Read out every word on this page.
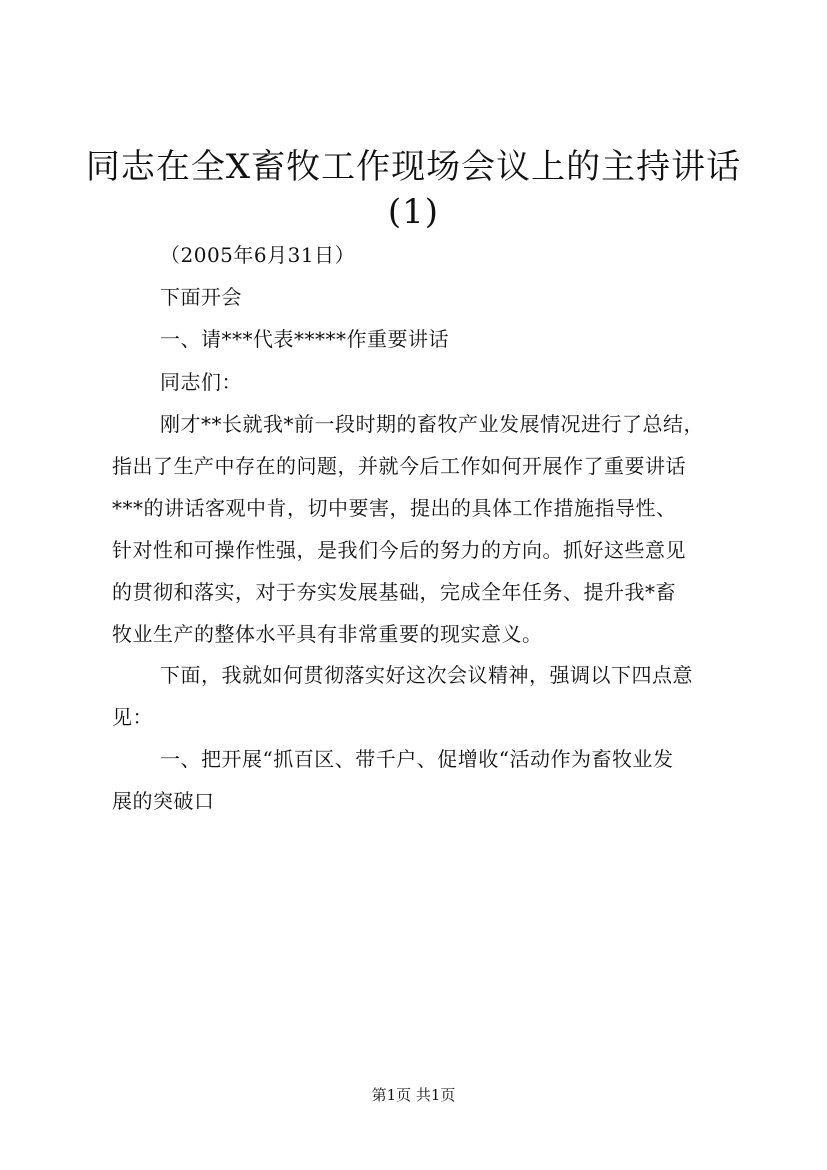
同志在全X畜牧工作现场会议上的主持讲话
(1)
（2005年6月31日）
下面开会
一、请***代表*****作重要讲话
同志们：
刚才**长就我*前一段时期的畜牧产业发展情况进行了总结，
指出了生产中存在的问题，并就今后工作如何开展作了重要讲话
***的讲话客观中肯，切中要害，提出的具体工作措施指导性、
针对性和可操作性强，是我们今后的努力的方向。抓好这些意见
的贯彻和落实，对于夯实发展基础，完成全年任务、提升我*畜
牧业生产的整体水平具有非常重要的现实意义。
下面，我就如何贯彻落实好这次会议精神，强调以下四点意
见：
一、把开展“抓百区、带千户、促增收“活动作为畜牧业发
展的突破口
第1页 共1页
